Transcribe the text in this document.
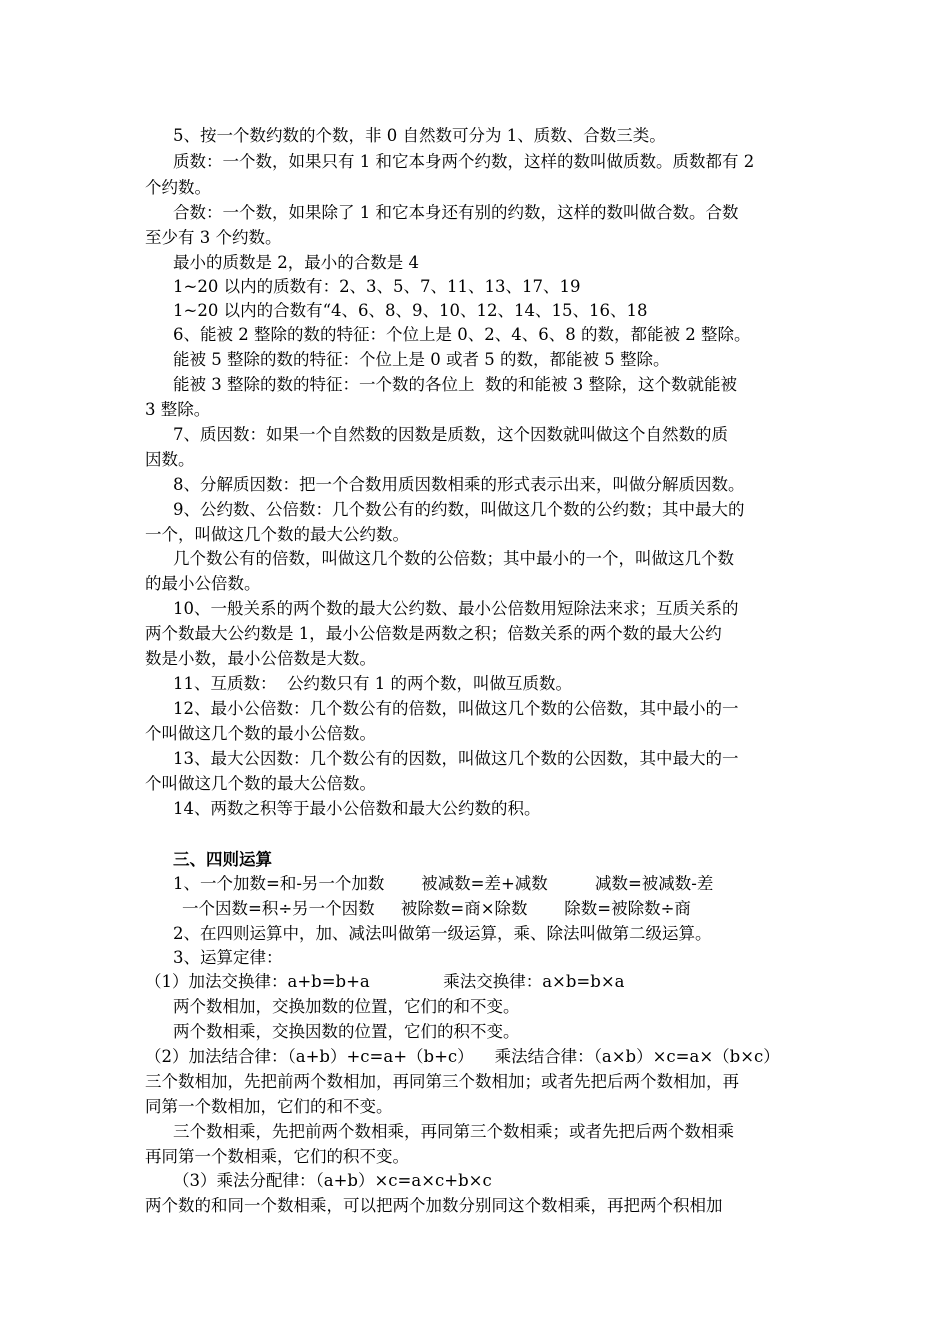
5、按一个数约数的个数，非 0 自然数可分为 1、质数、合数三类。
质数：一个数，如果只有 1 和它本身两个约数，这样的数叫做质数。质数都有 2
个约数。
合数：一个数，如果除了 1 和它本身还有别的约数，这样的数叫做合数。合数
至少有 3 个约数。
最小的质数是 2，最小的合数是 4
1~20 以内的质数有：2、3、5、7、11、13、17、19
1~20 以内的合数有“4、6、8、9、10、12、14、15、16、18
6、能被 2 整除的数的特征：个位上是 0、2、4、6、8 的数，都能被 2 整除。
能被 5 整除的数的特征：个位上是 0 或者 5 的数，都能被 5 整除。
能被 3 整除的数的特征：一个数的各位上  数的和能被 3 整除，这个数就能被
3 整除。
7、质因数：如果一个自然数的因数是质数，这个因数就叫做这个自然数的质
因数。
8、分解质因数：把一个合数用质因数相乘的形式表示出来，叫做分解质因数。
9、公约数、公倍数：几个数公有的约数，叫做这几个数的公约数；其中最大的
一个，叫做这几个数的最大公约数。
几个数公有的倍数，叫做这几个数的公倍数；其中最小的一个，叫做这几个数
的最小公倍数。
10、一般关系的两个数的最大公约数、最小公倍数用短除法来求；互质关系的
两个数最大公约数是 1，最小公倍数是两数之积；倍数关系的两个数的最大公约
数是小数，最小公倍数是大数。
11、互质数：  公约数只有 1 的两个数，叫做互质数。
12、最小公倍数：几个数公有的倍数，叫做这几个数的公倍数，其中最小的一
个叫做这几个数的最小公倍数。
13、最大公因数：几个数公有的因数，叫做这几个数的公因数，其中最大的一
个叫做这几个数的最大公倍数。
14、两数之积等于最小公倍数和最大公约数的积。
三、四则运算
1、一个加数=和-另一个加数       被减数=差+减数         减数=被减数-差
一个因数=积÷另一个因数     被除数=商×除数       除数=被除数÷商
2、在四则运算中，加、减法叫做第一级运算，乘、除法叫做第二级运算。
3、运算定律：
（1）加法交换律：a+b=b+a              乘法交换律：a×b=b×a
两个数相加，交换加数的位置，它们的和不变。
两个数相乘，交换因数的位置，它们的积不变。
（2）加法结合律：（a+b）+c=a+（b+c）    乘法结合律：（a×b）×c=a×（b×c）
三个数相加，先把前两个数相加，再同第三个数相加；或者先把后两个数相加，再
同第一个数相加，它们的和不变。
三个数相乘，先把前两个数相乘，再同第三个数相乘；或者先把后两个数相乘
再同第一个数相乘，它们的积不变。
（3）乘法分配律：（a+b）×c=a×c+b×c
两个数的和同一个数相乘，可以把两个加数分别同这个数相乘，再把两个积相加
